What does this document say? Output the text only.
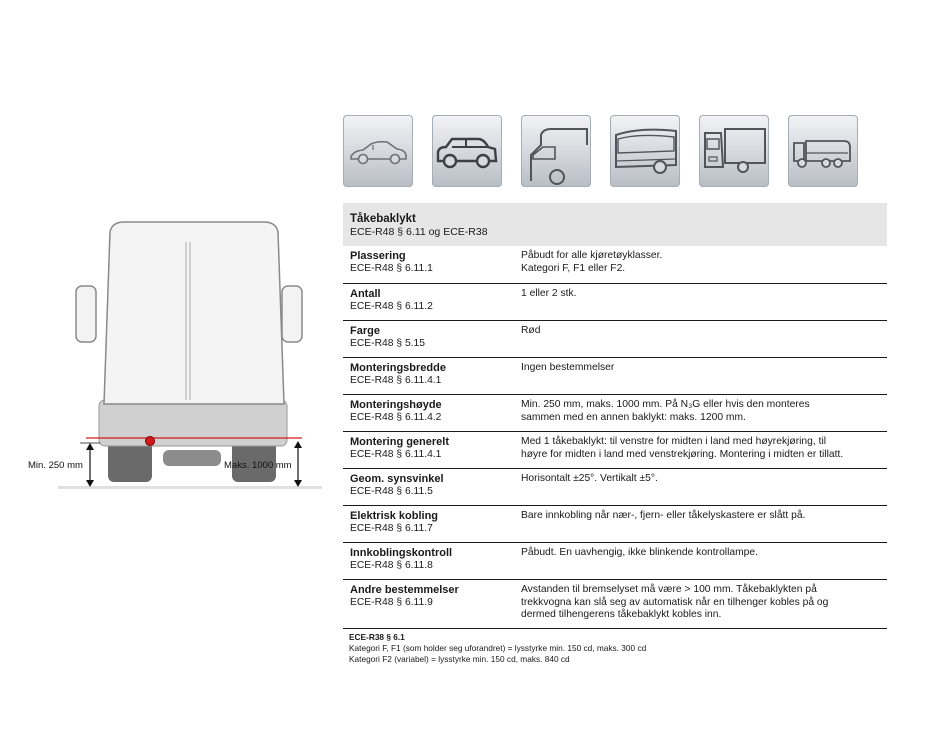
Min. 250 mm	Maks. 1000 mm
Tåkebaklykt
ECE-R48 § 6.11 og ECE-R38
Plassering
ECE-R48 § 6.11.1
Påbudt for alle kjøretøyklasser.
Kategori F, F1 eller F2.
Antall
ECE-R48 § 6.11.2
1 eller 2 stk.
Farge
ECE-R48 § 5.15
Rød
Monteringsbredde
ECE-R48 § 6.11.4.1
Ingen bestemmelser
Monteringshøyde
ECE-R48 § 6.11.4.2
Min. 250 mm, maks. 1000 mm. På N₃G eller hvis den monteres
sammen med en annen baklykt: maks. 1200 mm.
Montering generelt
ECE-R48 § 6.11.4.1
Med 1 tåkebaklykt: til venstre for midten i land med høyrekjøring, til
høyre for midten i land med venstrekjøring. Montering i midten er tillatt.
Geom. synsvinkel
ECE-R48 § 6.11.5
Horisontalt ±25°. Vertikalt ±5°.
Elektrisk kobling
ECE-R48 § 6.11.7
Bare innkobling når nær-, fjern- eller tåkelyskastere er slått på.
Innkoblingskontroll
ECE-R48 § 6.11.8
Påbudt. En uavhengig, ikke blinkende kontrollampe.
Andre bestemmelser
ECE-R48 § 6.11.9
Avstanden til bremselyset må være > 100 mm. Tåkebaklykten på
trekkvogna kan slå seg av automatisk når en tilhenger kobles på og
dermed tilhengerens tåkebaklykt kobles inn.
ECE-R38 § 6.1
Kategori F, F1 (som holder seg uforandret) = lysstyrke min. 150 cd, maks. 300 cd
Kategori F2 (variabel) = lysstyrke min. 150 cd, maks. 840 cd
